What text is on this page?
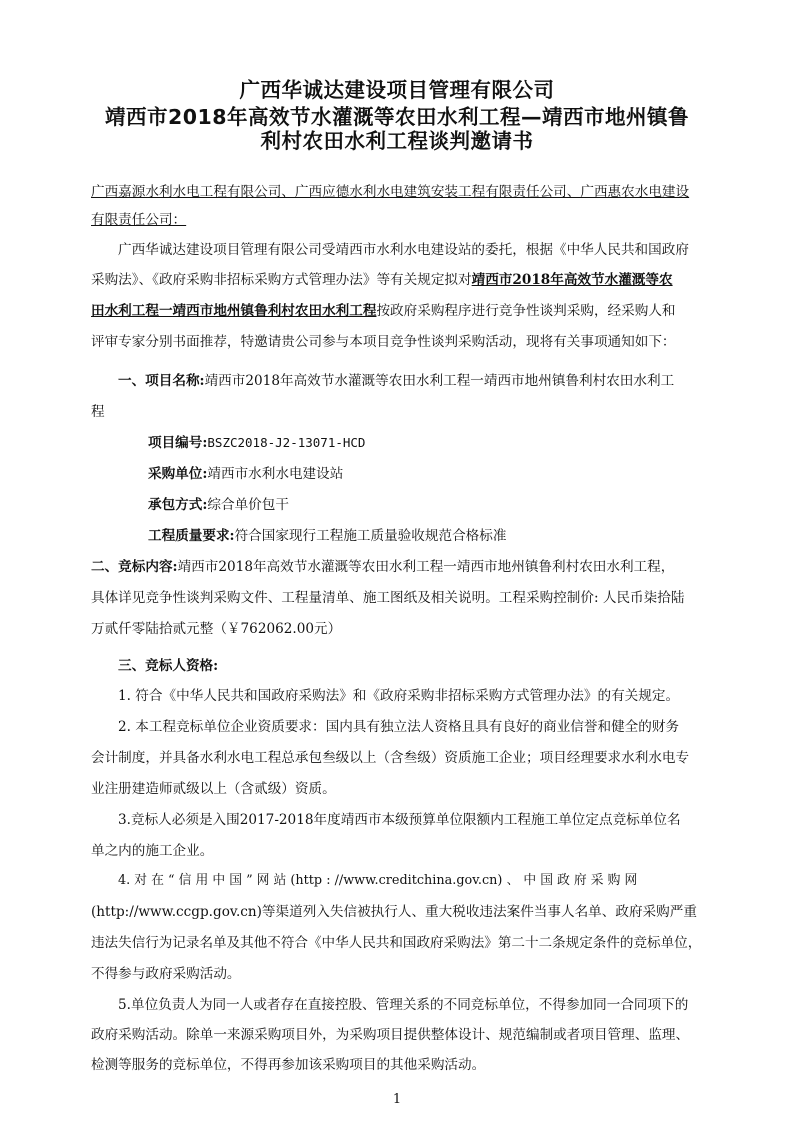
广西华诚达建设项目管理有限公司
靖西市2018年高效节水灌溉等农田水利工程—靖西市地州镇鲁
利村农田水利工程谈判邀请书
广西嘉源水利水电工程有限公司、广西应德水利水电建筑安装工程有限责任公司、广西惠农水电建设
有限责任公司：
广西华诚达建设项目管理有限公司受靖西市水利水电建设站的委托，根据《中华人民共和国政府
采购法》、《政府采购非招标采购方式管理办法》等有关规定拟对靖西市2018年高效节水灌溉等农
田水利工程一靖西市地州镇鲁利村农田水利工程按政府采购程序进行竞争性谈判采购，经采购人和
评审专家分别书面推荐，特邀请贵公司参与本项目竞争性谈判采购活动，现将有关事项通知如下：
一、项目名称:靖西市2018年高效节水灌溉等农田水利工程一靖西市地州镇鲁利村农田水利工
程
项目编号:BSZC2018-J2-13071-HCD
采购单位:靖西市水利水电建设站
承包方式:综合单价包干
工程质量要求:符合国家现行工程施工质量验收规范合格标准
二、竞标内容:靖西市2018年高效节水灌溉等农田水利工程一靖西市地州镇鲁利村农田水利工程，
具体详见竞争性谈判采购文件、工程量清单、施工图纸及相关说明。工程采购控制价: 人民币柒拾陆
万贰仟零陆拾贰元整（￥762062.00元）
三、竞标人资格:
1. 符合《中华人民共和国政府采购法》和《政府采购非招标采购方式管理办法》的有关规定。
2. 本工程竞标单位企业资质要求：国内具有独立法人资格且具有良好的商业信誉和健全的财务
会计制度，并具备水利水电工程总承包叁级以上（含叁级）资质施工企业；项目经理要求水利水电专
业注册建造师贰级以上（含贰级）资质。
3.竞标人必须是入围2017-2018年度靖西市本级预算单位限额内工程施工单位定点竞标单位名
单之内的施工企业。
4. 对 在 “ 信 用 中 国 ” 网 站 (http : //www.creditchina.gov.cn) 、 中 国 政 府 采 购 网
(http://www.ccgp.gov.cn)等渠道列入失信被执行人、重大税收违法案件当事人名单、政府采购严重
违法失信行为记录名单及其他不符合《中华人民共和国政府采购法》第二十二条规定条件的竞标单位，
不得参与政府采购活动。
5.单位负责人为同一人或者存在直接控股、管理关系的不同竞标单位，不得参加同一合同项下的
政府采购活动。除单一来源采购项目外，为采购项目提供整体设计、规范编制或者项目管理、监理、
检测等服务的竞标单位，不得再参加该采购项目的其他采购活动。
1
